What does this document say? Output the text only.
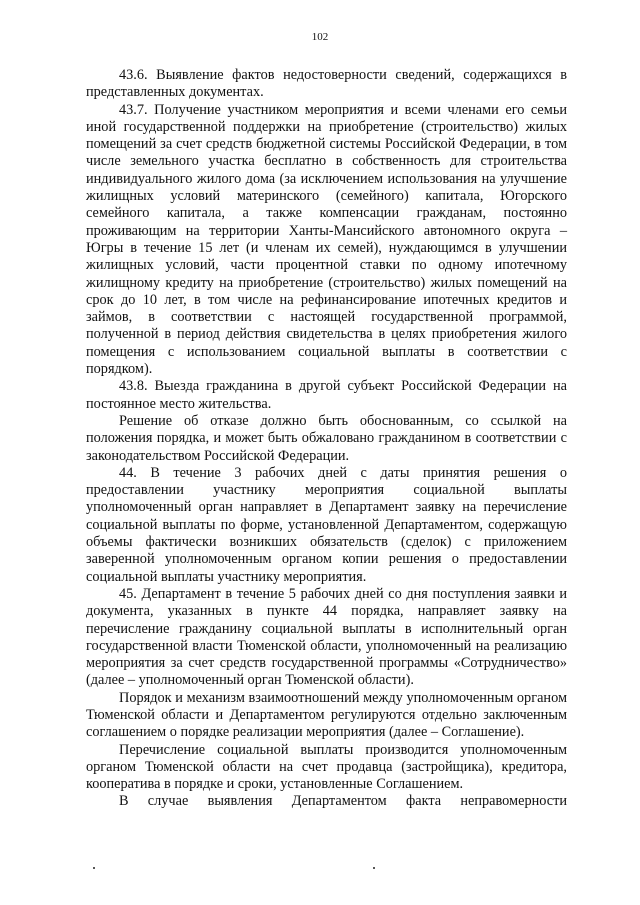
102

43.6. Выявление фактов недостоверности сведений, содержащихся в представленных документах.

43.7. Получение участником мероприятия и всеми членами его семьи иной государственной поддержки на приобретение (строительство) жилых помещений за счет средств бюджетной системы Российской Федерации, в том числе земельного участка бесплатно в собственность для строительства индивидуального жилого дома (за исключением использования на улучшение жилищных условий материнского (семейного) капитала, Югорского семейного капитала, а также компенсации гражданам, постоянно проживающим на территории Ханты-Мансийского автономного округа – Югры в течение 15 лет (и членам их семей), нуждающимся в улучшении жилищных условий, части процентной ставки по одному ипотечному жилищному кредиту на приобретение (строительство) жилых помещений на срок до 10 лет, в том числе на рефинансирование ипотечных кредитов и займов, в соответствии с настоящей государственной программой, полученной в период действия свидетельства в целях приобретения жилого помещения с использованием социальной выплаты в соответствии с порядком).

43.8. Выезда гражданина в другой субъект Российской Федерации на постоянное место жительства.

Решение об отказе должно быть обоснованным, со ссылкой на положения порядка, и может быть обжаловано гражданином в соответствии с законодательством Российской Федерации.

44. В течение 3 рабочих дней с даты принятия решения о предоставлении участнику мероприятия социальной выплаты уполномоченный орган направляет в Департамент заявку на перечисление социальной выплаты по форме, установленной Департаментом, содержащую объемы фактически возникших обязательств (сделок) с приложением заверенной уполномоченным органом копии решения о предоставлении социальной выплаты участнику мероприятия.

45. Департамент в течение 5 рабочих дней со дня поступления заявки и документа, указанных в пункте 44 порядка, направляет заявку на перечисление гражданину социальной выплаты в исполнительный орган государственной власти Тюменской области, уполномоченный на реализацию мероприятия за счет средств государственной программы «Сотрудничество» (далее – уполномоченный орган Тюменской области).

Порядок и механизм взаимоотношений между уполномоченным органом Тюменской области и Департаментом регулируются отдельно заключенным соглашением о порядке реализации мероприятия (далее – Соглашение).

Перечисление социальной выплаты производится уполномоченным органом Тюменской области на счет продавца (застройщика), кредитора, кооператива в порядке и сроки, установленные Соглашением.

В случае выявления Департаментом факта неправомерности
